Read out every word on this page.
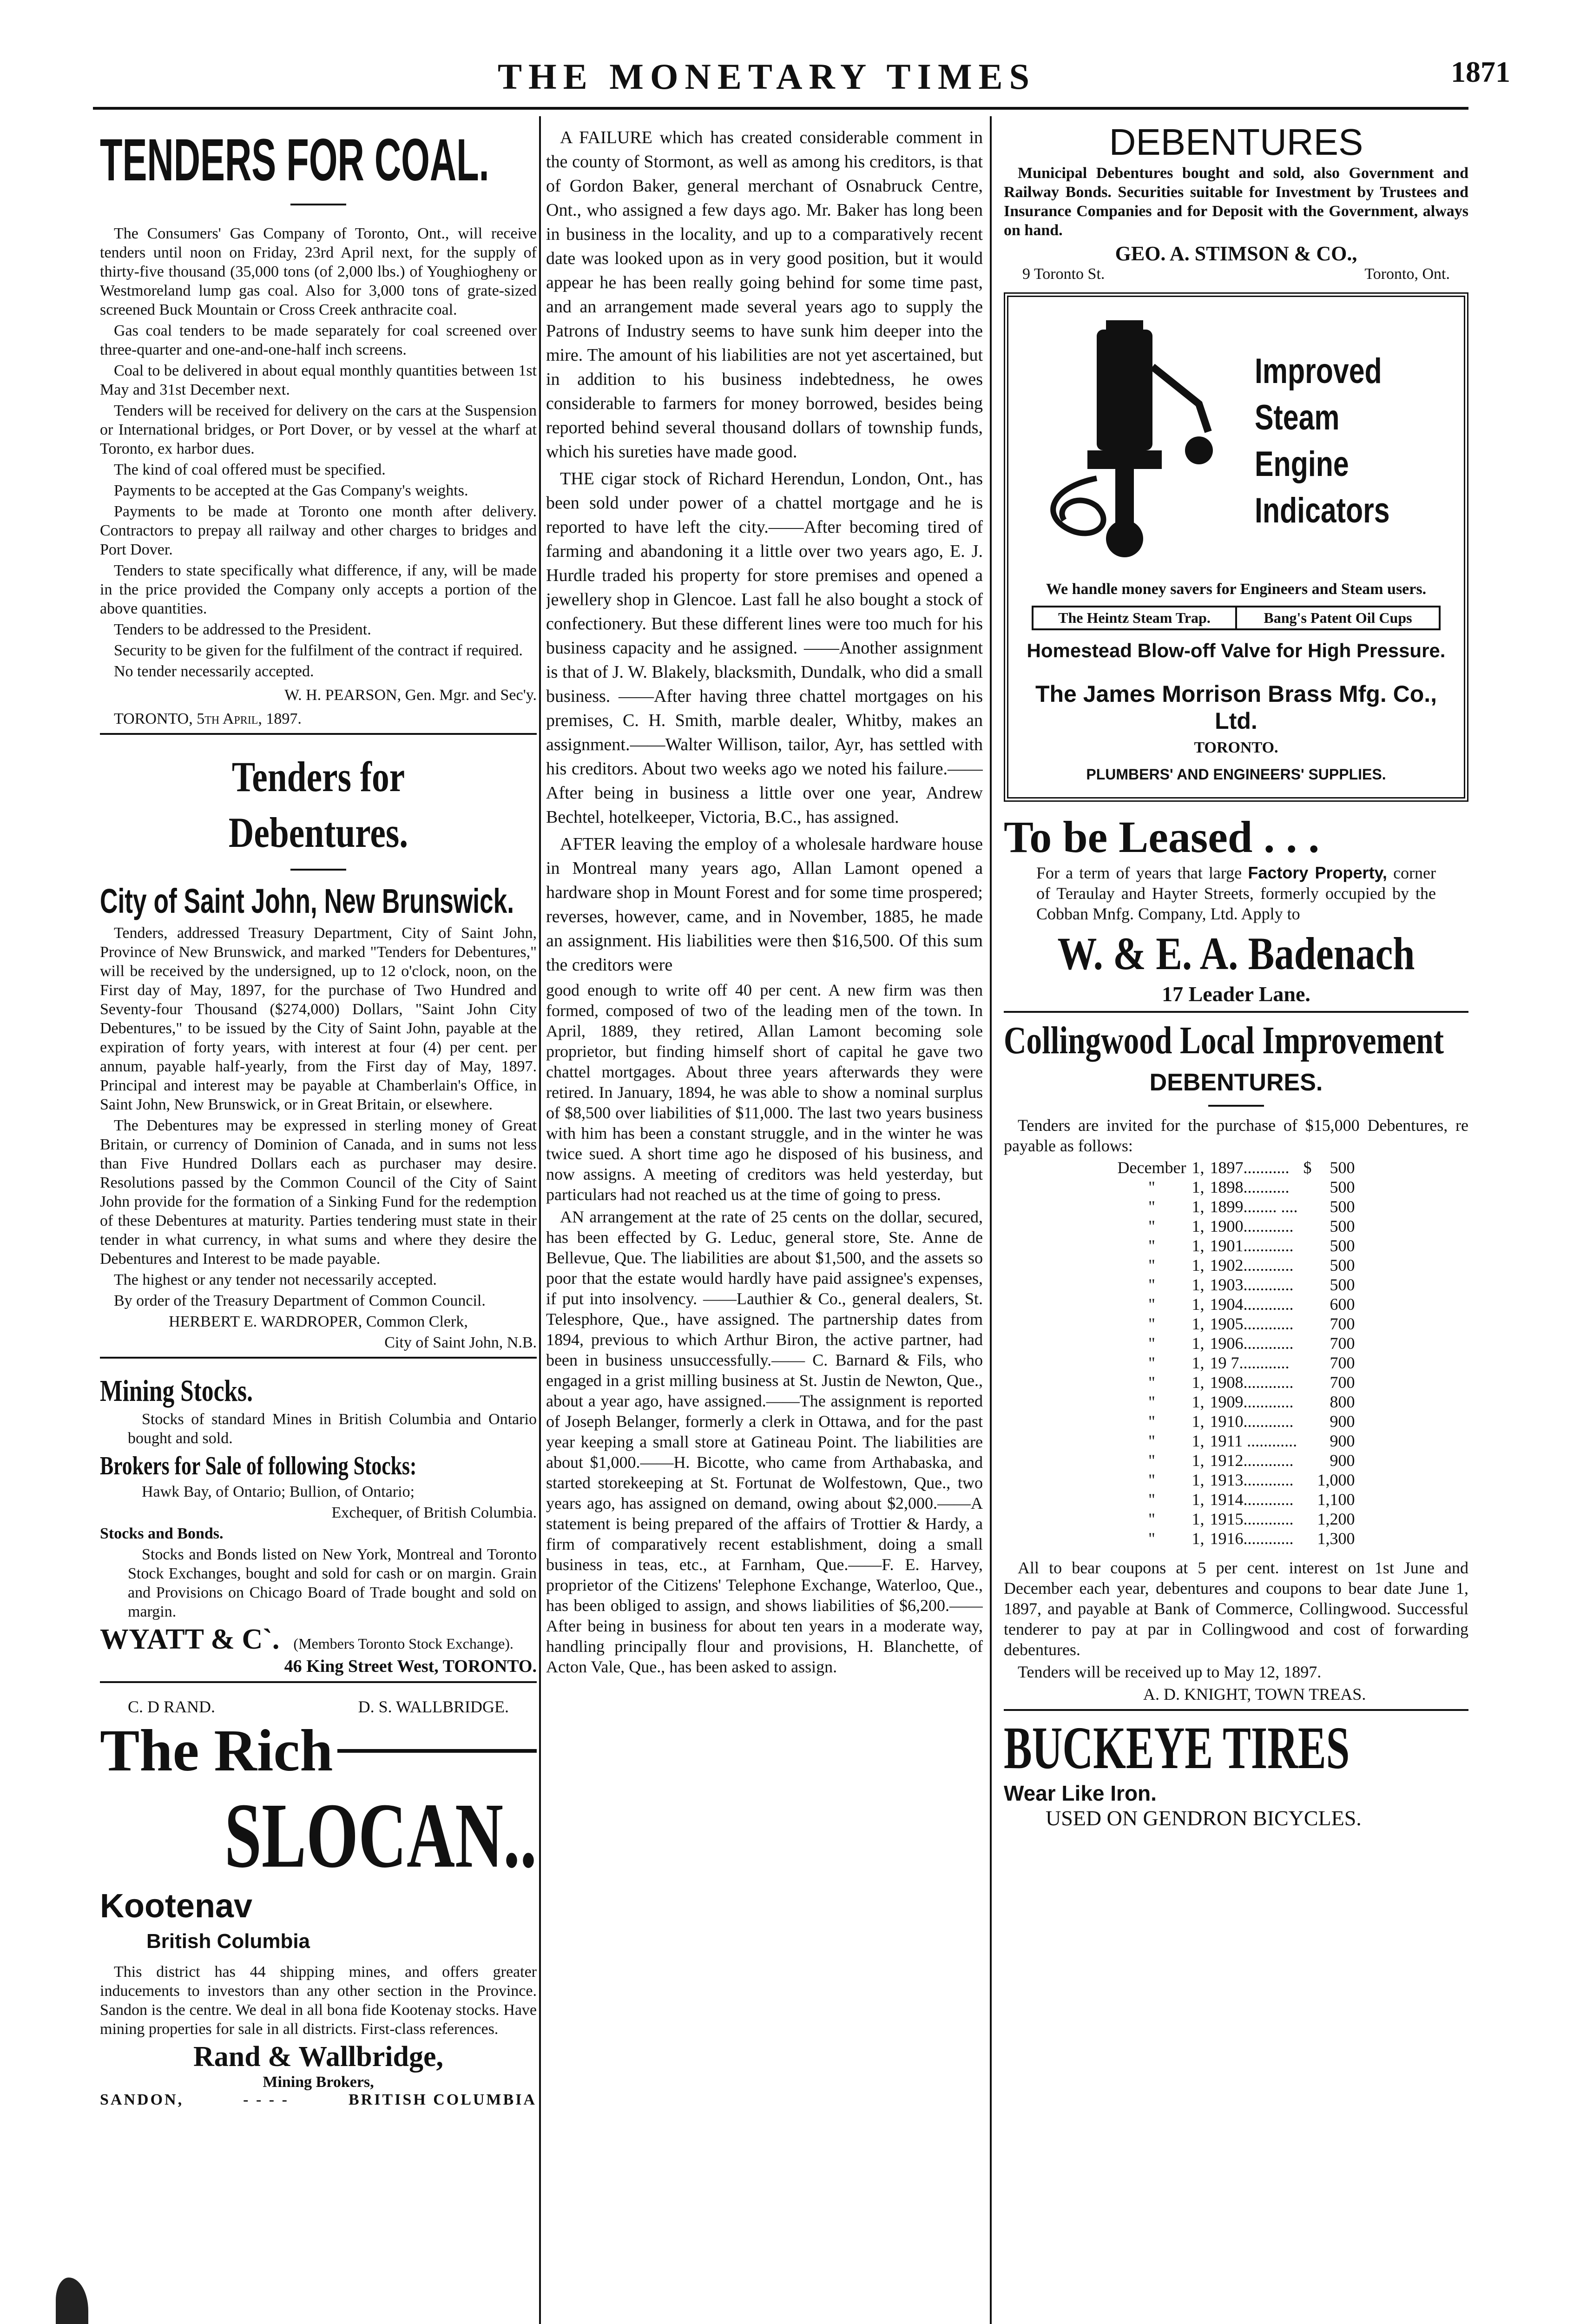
THE MONETARY TIMES	1871
TENDERS FOR COAL.

The Consumers' Gas Company of Toronto, Ont., will receive tenders until noon on Friday, 23rd April next, for the supply of thirty-five thousand (35,000 tons (of 2,000 lbs.) of Youghiogheny or Westmoreland lump gas coal. Also for 3,000 tons of grate-sized screened Buck Mountain or Cross Creek anthracite coal.

Gas coal tenders to be made separately for coal screened over three-quarter and one-and-one-half inch screens.

Coal to be delivered in about equal monthly quantities between 1st May and 31st December next.

Tenders will be received for delivery on the cars at the Suspension or International bridges, or Port Dover, or by vessel at the wharf at Toronto, ex harbor dues.

The kind of coal offered must be specified.

Payments to be accepted at the Gas Company's weights.

Payments to be made at Toronto one month after delivery. Contractors to prepay all railway and other charges to bridges and Port Dover.

Tenders to state specifically what difference, if any, will be made in the price provided the Company only accepts a portion of the above quantities.

Tenders to be addressed to the President.

Security to be given for the fulfilment of the contract if required.

No tender necessarily accepted.

W. H. PEARSON, Gen. Mgr. and Sec'y.
TORONTO, 5th April, 1897.
Tenders for Debentures.
City of Saint John, New Brunswick.

Tenders, addressed Treasury Department, City of Saint John, Province of New Brunswick, and marked "Tenders for Debentures," will be received by the undersigned, up to 12 o'clock, noon, on the First day of May, 1897, for the purchase of Two Hundred and Seventy-four Thousand ($274,000) Dollars, "Saint John City Debentures," to be issued by the City of Saint John, payable at the expiration of forty years, with interest at four (4) per cent. per annum, payable half-yearly, from the First day of May, 1897. Principal and interest may be payable at Chamberlain's Office, in Saint John, New Brunswick, or in Great Britain, or elsewhere.

The Debentures may be expressed in sterling money of Great Britain, or currency of Dominion of Canada, and in sums not less than Five Hundred Dollars each as purchaser may desire. Resolutions passed by the Common Council of the City of Saint John provide for the formation of a Sinking Fund for the redemption of these Debentures at maturity. Parties tendering must state in their tender in what currency, in what sums and where they desire the Debentures and Interest to be made payable.

The highest or any tender not necessarily accepted.

By order of the Treasury Department of Common Council.

HERBERT E. WARDROPER, Common Clerk,
City of Saint John, N.B.
Mining Stocks.
Stocks of standard Mines in British Columbia and Ontario bought and sold.
Brokers for Sale of following Stocks:
Hawk Bay, of Ontario; Bullion, of Ontario;
Exchequer, of British Columbia.
Stocks and Bonds.
Stocks and Bonds listed on New York, Montreal and Toronto Stock Exchanges, bought and sold for cash or on margin. Grain and Provisions on Chicago Board of Trade bought and sold on margin.
WYATT & C`. (Members Toronto Stock Exchange).
46 King Street West, TORONTO.
C. D RAND.	D. S. WALLBRIDGE.
The Rich
SLOCAN..
Kootenav
British Columbia

This district has 44 shipping mines, and offers greater inducements to investors than any other section in the Province. Sandon is the centre. We deal in all bona fide Kootenay stocks. Have mining properties for sale in all districts. First-class references.

Rand & Wallbridge,
Mining Brokers,
SANDON,	- - - -	BRITISH COLUMBIA

A FAILURE which has created considerable comment in the county of Stormont, as well as among his creditors, is that of Gordon Baker, general merchant of Osnabruck Centre, Ont., who assigned a few days ago. Mr. Baker has long been in business in the locality, and up to a comparatively recent date was looked upon as in very good position, but it would appear he has been really going behind for some time past, and an arrangement made several years ago to supply the Patrons of Industry seems to have sunk him deeper into the mire. The amount of his liabilities are not yet ascertained, but in addition to his business indebtedness, he owes considerable to farmers for money borrowed, besides being reported behind several thousand dollars of township funds, which his sureties have made good.

THE cigar stock of Richard Herendun, London, Ont., has been sold under power of a chattel mortgage and he is reported to have left the city.——After becoming tired of farming and abandoning it a little over two years ago, E. J. Hurdle traded his property for store premises and opened a jewellery shop in Glencoe. Last fall he also bought a stock of confectionery. But these different lines were too much for his business capacity and he assigned. ——Another assignment is that of J. W. Blakely, blacksmith, Dundalk, who did a small business. ——After having three chattel mortgages on his premises, C. H. Smith, marble dealer, Whitby, makes an assignment.——Walter Willison, tailor, Ayr, has settled with his creditors. About two weeks ago we noted his failure.—— After being in business a little over one year, Andrew Bechtel, hotelkeeper, Victoria, B.C., has assigned.

AFTER leaving the employ of a wholesale hardware house in Montreal many years ago, Allan Lamont opened a hardware shop in Mount Forest and for some time prospered; reverses, however, came, and in November, 1885, he made an assignment. His liabilities were then $16,500. Of this sum the creditors were

good enough to write off 40 per cent. A new firm was then formed, composed of two of the leading men of the town. In April, 1889, they retired, Allan Lamont becoming sole proprietor, but finding himself short of capital he gave two chattel mortgages. About three years afterwards they were retired. In January, 1894, he was able to show a nominal surplus of $8,500 over liabilities of $11,000. The last two years business with him has been a constant struggle, and in the winter he was twice sued. A short time ago he disposed of his business, and now assigns. A meeting of creditors was held yesterday, but particulars had not reached us at the time of going to press.

AN arrangement at the rate of 25 cents on the dollar, secured, has been effected by G. Leduc, general store, Ste. Anne de Bellevue, Que. The liabilities are about $1,500, and the assets so poor that the estate would hardly have paid assignee's expenses, if put into insolvency. ——Lauthier & Co., general dealers, St. Telesphore, Que., have assigned. The partnership dates from 1894, previous to which Arthur Biron, the active partner, had been in business unsuccessfully.—— C. Barnard & Fils, who engaged in a grist milling business at St. Justin de Newton, Que., about a year ago, have assigned.——The assignment is reported of Joseph Belanger, formerly a clerk in Ottawa, and for the past year keeping a small store at Gatineau Point. The liabilities are about $1,000.——H. Bicotte, who came from Arthabaska, and started storekeeping at St. Fortunat de Wolfestown, Que., two years ago, has assigned on demand, owing about $2,000.——A statement is being prepared of the affairs of Trottier & Hardy, a firm of comparatively recent establishment, doing a small business in teas, etc., at Farnham, Que.——F. E. Harvey, proprietor of the Citizens' Telephone Exchange, Waterloo, Que., has been obliged to assign, and shows liabilities of $6,200.——After being in business for about ten years in a moderate way, handling principally flour and provisions, H. Blanchette, of Acton Vale, Que., has been asked to assign.

DEBENTURES

Municipal Debentures bought and sold, also Government and Railway Bonds. Securities suitable for Investment by Trustees and Insurance Companies and for Deposit with the Government, always on hand.

GEO. A. STIMSON & CO.,
9 Toronto St.	Toronto, Ont.
Improved
Steam
Engine
Indicators
We handle money savers for Engineers and Steam users.
The Heintz Steam Trap.	Bang's Patent Oil Cups
Homestead Blow-off Valve for High Pressure.
The James Morrison Brass Mfg. Co., Ltd.
TORONTO.
PLUMBERS' AND ENGINEERS' SUPPLIES.
To be Leased . . .
For a term of years that large Factory Property, corner of Teraulay and Hayter Streets, formerly occupied by the Cobban Mnfg. Company, Ltd. Apply to
W. & E. A. Badenach
17 Leader Lane.
Collingwood Local Improvement
DEBENTURES.

Tenders are invited for the purchase of $15,000 Debentures, re payable as follows:

December	1,	1897...........	$	500
"	1,	1898...........		500
"	1,	1899........ ....		500
"	1,	1900............		500
"	1,	1901............		500
"	1,	1902............		500
"	1,	1903............		500
"	1,	1904............		600
"	1,	1905............		700
"	1,	1906............		700
"	1,	19 7............		700
"	1,	1908............		700
"	1,	1909............		800
"	1,	1910............		900
"	1,	1911 ............		900
"	1,	1912............		900
"	1,	1913............		1,000
"	1,	1914............		1,100
"	1,	1915............		1,200
"	1,	1916............		1,300

All to bear coupons at 5 per cent. interest on 1st June and December each year, debentures and coupons to bear date June 1, 1897, and payable at Bank of Commerce, Collingwood. Successful tenderer to pay at par in Collingwood and cost of forwarding debentures.

Tenders will be received up to May 12, 1897.

A. D. KNIGHT, TOWN TREAS.
BUCKEYE TIRES
Wear Like Iron.
USED ON GENDRON BICYCLES.
